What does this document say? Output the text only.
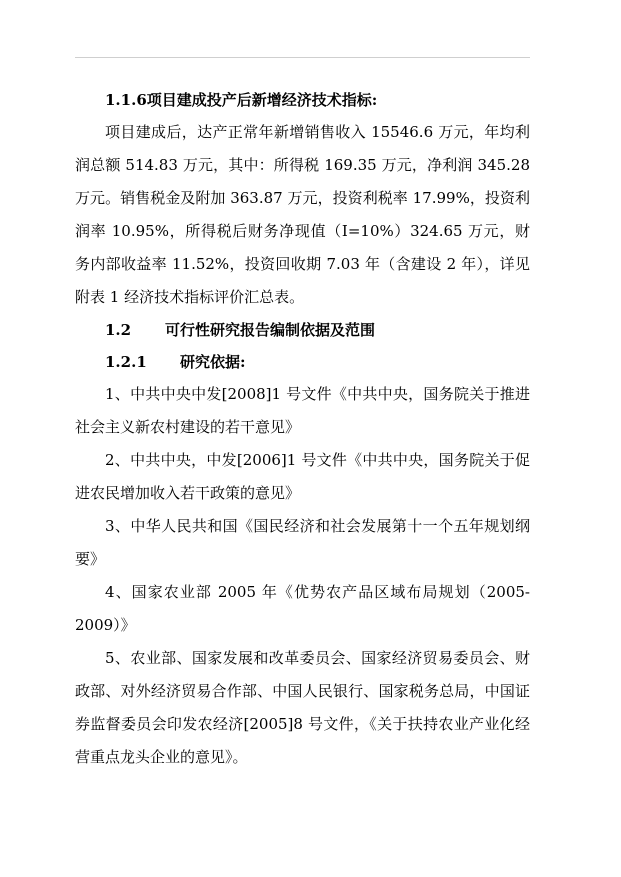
1.1.6项目建成投产后新增经济技术指标:

项目建成后，达产正常年新增销售收入 15546.6 万元，年均利润总额 514.83 万元，其中：所得税 169.35 万元，净利润 345.28 万元。销售税金及附加 363.87 万元，投资利税率 17.99%，投资利润率 10.95%，所得税后财务净现值（I=10%）324.65 万元，财务内部收益率 11.52%，投资回收期 7.03 年（含建设 2 年），详见附表 1 经济技术指标评价汇总表。

1.2 可行性研究报告编制依据及范围
1.2.1 研究依据:

1、中共中央中发[2008]1 号文件《中共中央，国务院关于推进社会主义新农村建设的若干意见》

2、中共中央，中发[2006]1 号文件《中共中央，国务院关于促进农民增加收入若干政策的意见》

3、中华人民共和国《国民经济和社会发展第十一个五年规划纲要》

4、国家农业部 2005 年《优势农产品区域布局规划（2005-2009）》

5、农业部、国家发展和改革委员会、国家经济贸易委员会、财政部、对外经济贸易合作部、中国人民银行、国家税务总局，中国证券监督委员会印发农经济[2005]8 号文件，《关于扶持农业产业化经营重点龙头企业的意见》。
